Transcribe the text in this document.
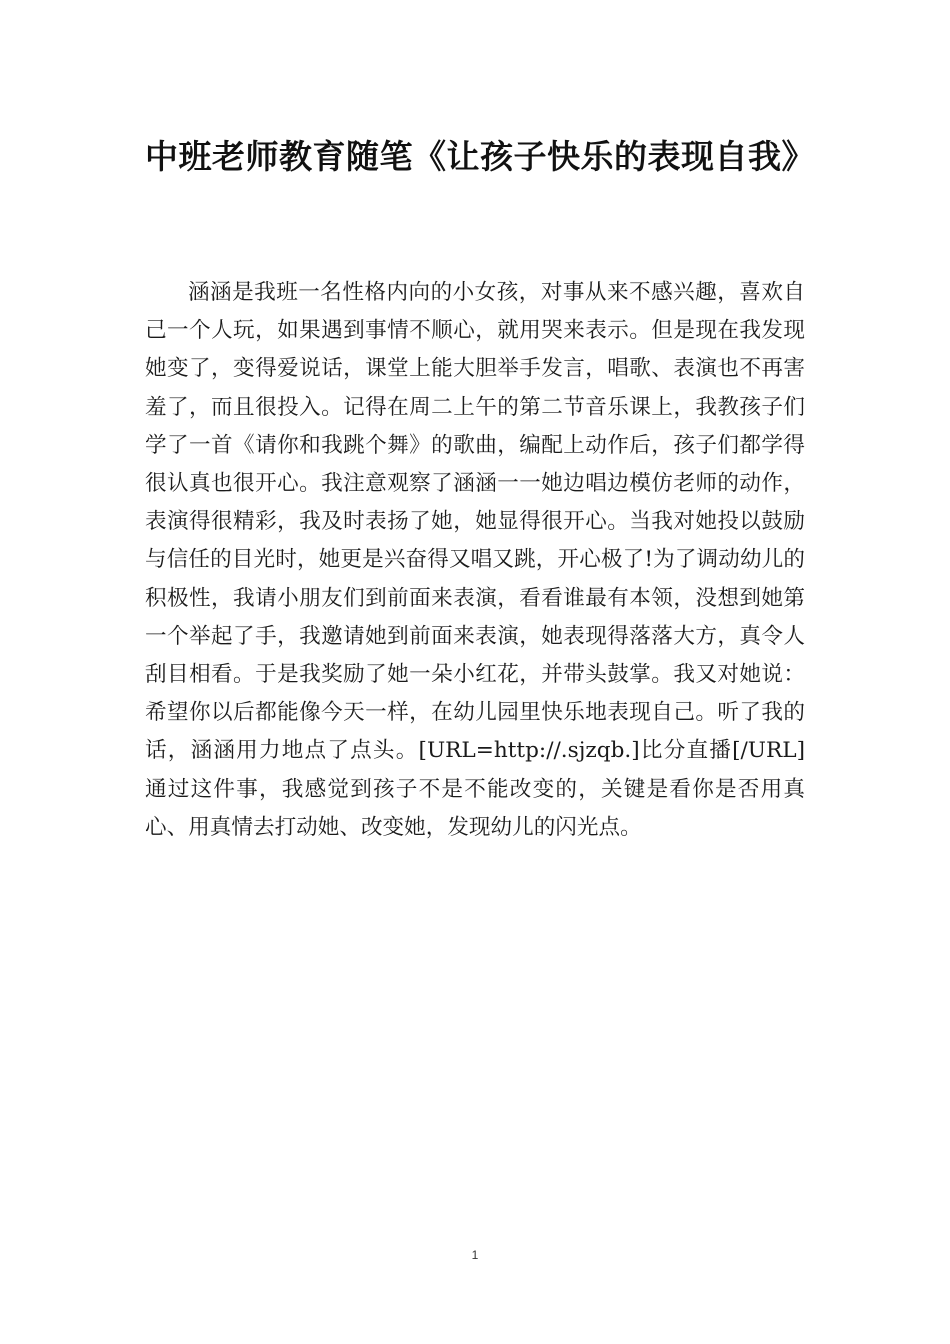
中班老师教育随笔《让孩子快乐的表现自我》

涵涵是我班一名性格内向的小女孩，对事从来不感兴趣，喜欢自己一个人玩，如果遇到事情不顺心，就用哭来表示。但是现在我发现她变了，变得爱说话，课堂上能大胆举手发言，唱歌、表演也不再害羞了，而且很投入。记得在周二上午的第二节音乐课上，我教孩子们学了一首《请你和我跳个舞》的歌曲，编配上动作后，孩子们都学得很认真也很开心。我注意观察了涵涵一一她边唱边模仿老师的动作，表演得很精彩，我及时表扬了她，她显得很开心。当我对她投以鼓励与信任的目光时，她更是兴奋得又唱又跳，开心极了!为了调动幼儿的积极性，我请小朋友们到前面来表演，看看谁最有本领，没想到她第一个举起了手，我邀请她到前面来表演，她表现得落落大方，真令人刮目相看。于是我奖励了她一朵小红花，并带头鼓掌。我又对她说：希望你以后都能像今天一样，在幼儿园里快乐地表现自己。听了我的话，涵涵用力地点了点头。[URL=http://.sjzqb.]比分直播[/URL]通过这件事，我感觉到孩子不是不能改变的，关键是看你是否用真心、用真情去打动她、改变她，发现幼儿的闪光点。

1
